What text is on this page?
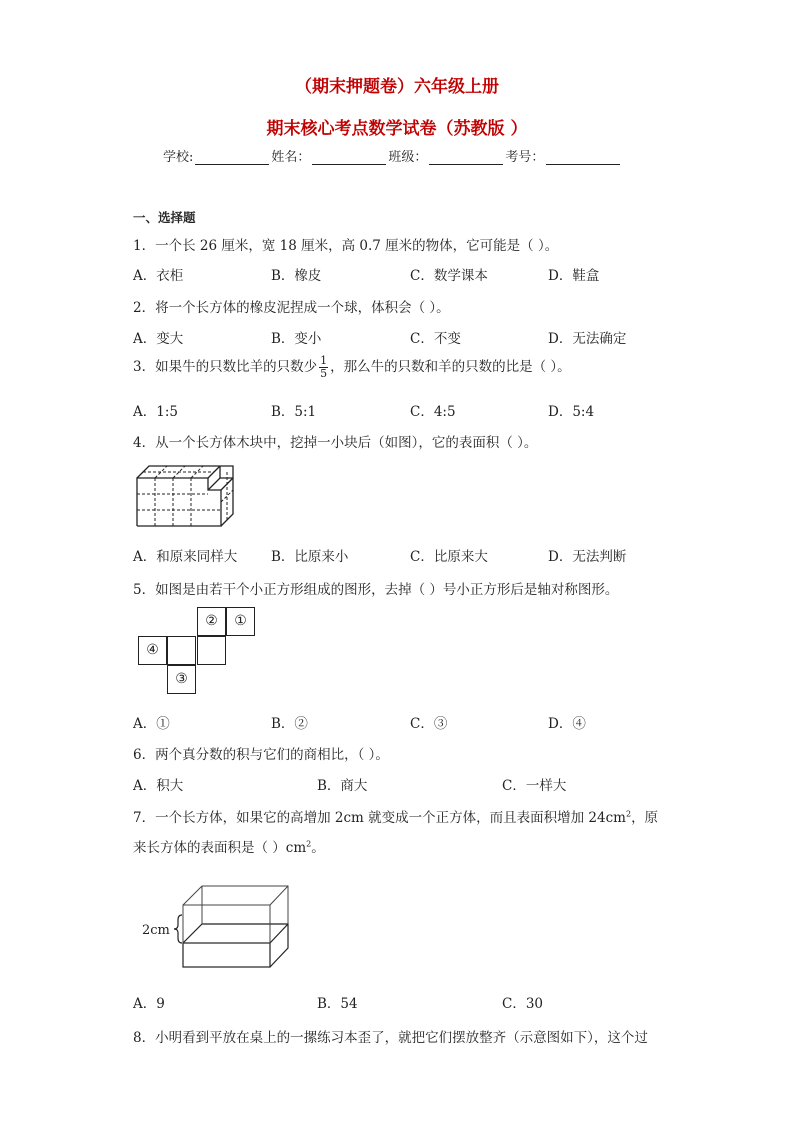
（期末押题卷）六年级上册
期末核心考点数学试卷（苏教版 ）
学校:	姓名：	班级：	考号：
一、选择题
1．一个长 26 厘米，宽 18 厘米，高 0.7 厘米的物体，它可能是（ ）。
A．衣柜	B．橡皮	C．数学课本	D．鞋盒
2．将一个长方体的橡皮泥捏成一个球，体积会（ ）。
A．变大	B．变小	C．不变	D．无法确定
3．如果牛的只数比羊的只数少 $\frac{1}{5}$ ，那么牛的只数和羊的只数的比是（ ）。
A．1:5	B．5:1	C．4:5	D．5:4
4．从一个长方体木块中，挖掉一小块后（如图），它的表面积（ ）。
A．和原来同样大	B．比原来小	C．比原来大	D．无法判断
5．如图是由若干个小正方形组成的图形，去掉（ ）号小正方形后是轴对称图形。
②	①
④
③
A．①	B．②	C．③	D．④
6．两个真分数的积与它们的商相比，（ ）。
A．积大	B．商大	C．一样大
7．一个长方体，如果它的高增加 2cm 就变成一个正方体，而且表面积增加 $24cm^2$，原
来长方体的表面积是（ ）$cm^2$。
2cm
A．9	B．54	C．30
8．小明看到平放在桌上的一摞练习本歪了，就把它们摆放整齐（示意图如下），这个过
